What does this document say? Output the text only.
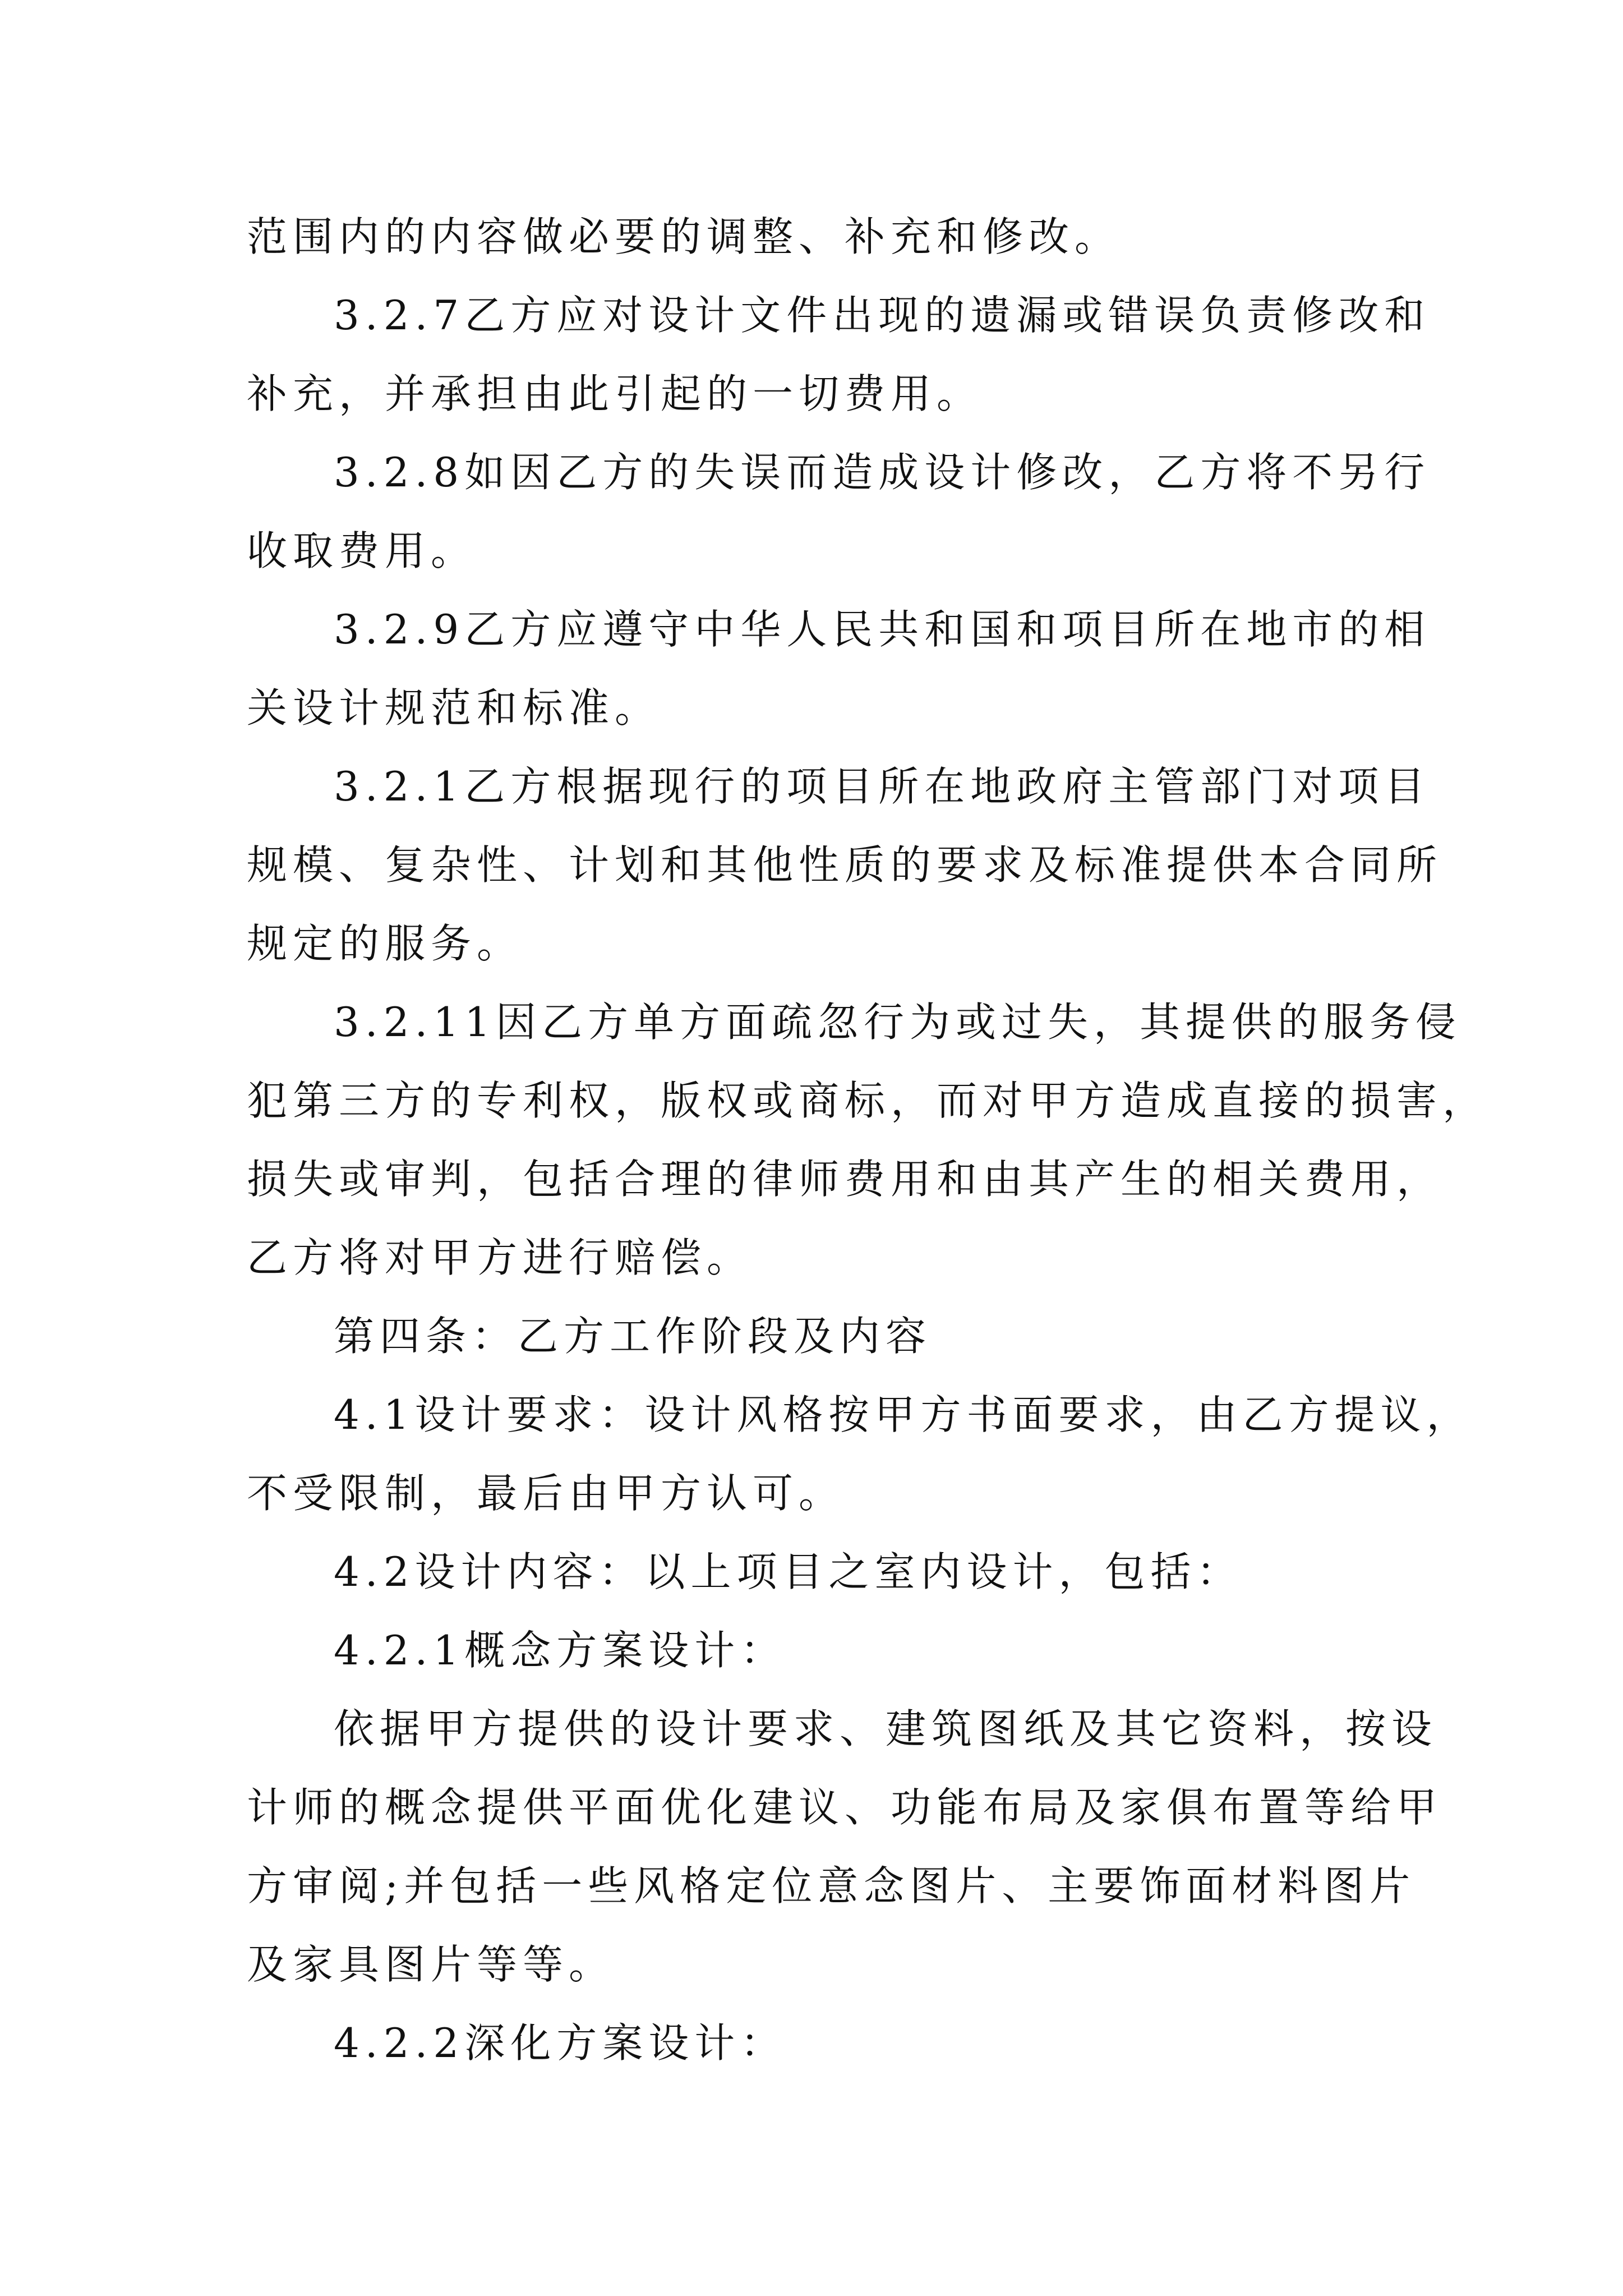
范围内的内容做必要的调整、补充和修改。
3.2.7乙方应对设计文件出现的遗漏或错误负责修改和
补充，并承担由此引起的一切费用。
3.2.8如因乙方的失误而造成设计修改，乙方将不另行
收取费用。
3.2.9乙方应遵守中华人民共和国和项目所在地市的相
关设计规范和标准。
3.2.1乙方根据现行的项目所在地政府主管部门对项目
规模、复杂性、计划和其他性质的要求及标准提供本合同所
规定的服务。
3.2.11因乙方单方面疏忽行为或过失，其提供的服务侵
犯第三方的专利权，版权或商标，而对甲方造成直接的损害，
损失或审判，包括合理的律师费用和由其产生的相关费用，
乙方将对甲方进行赔偿。
第四条：乙方工作阶段及内容
4.1设计要求：设计风格按甲方书面要求，由乙方提议，
不受限制，最后由甲方认可。
4.2设计内容：以上项目之室内设计，包括：
4.2.1概念方案设计：
依据甲方提供的设计要求、建筑图纸及其它资料，按设
计师的概念提供平面优化建议、功能布局及家俱布置等给甲
方审阅;并包括一些风格定位意念图片、主要饰面材料图片
及家具图片等等。
4.2.2深化方案设计：
